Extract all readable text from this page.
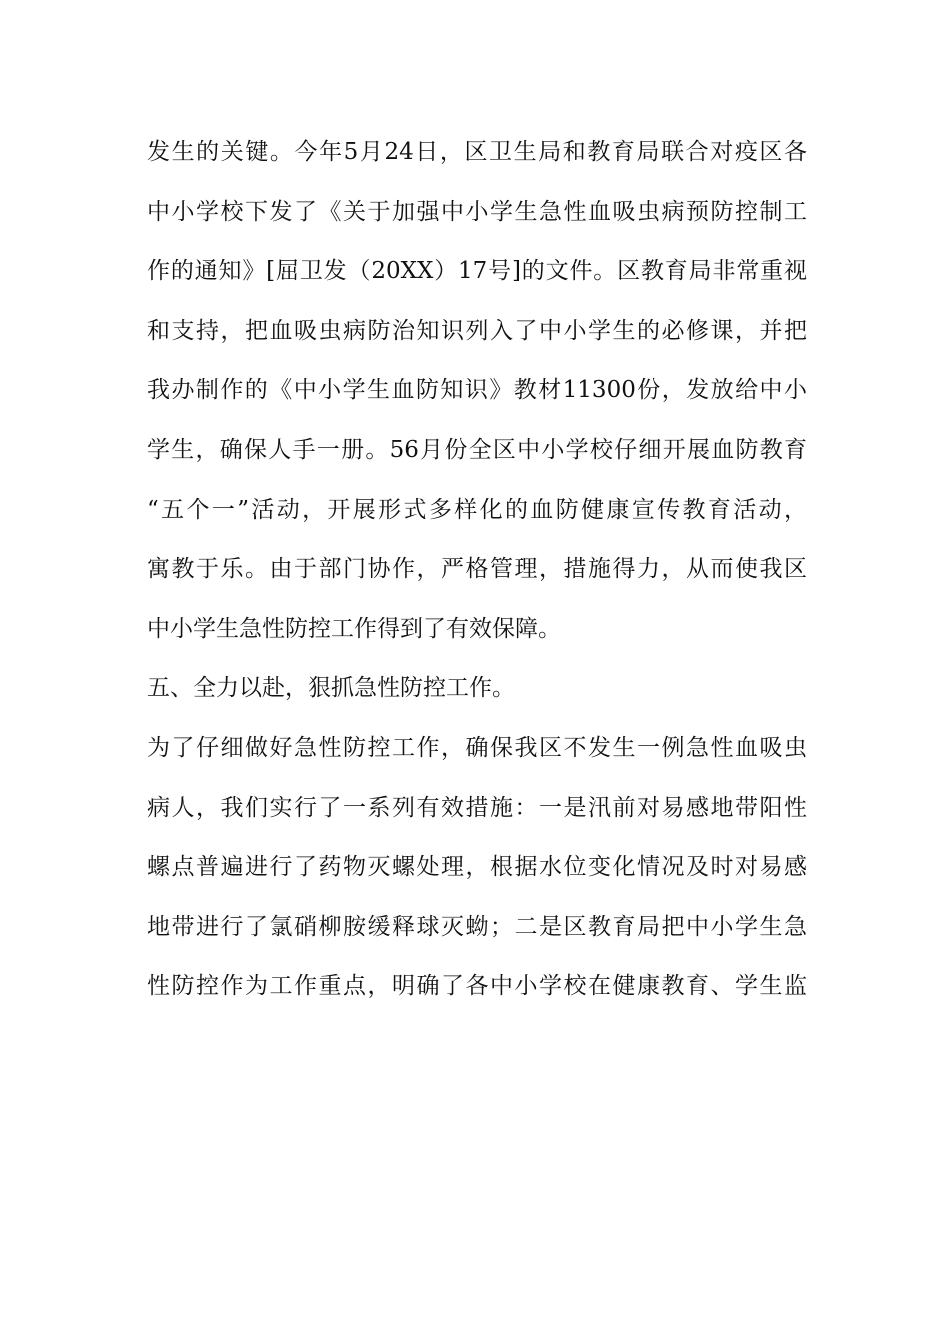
发生的关键。今年5月24日，区卫生局和教育局联合对疫区各
中小学校下发了《关于加强中小学生急性血吸虫病预防控制工
作的通知》[屈卫发（20XX）17号]的文件。区教育局非常重视
和支持，把血吸虫病防治知识列入了中小学生的必修课，并把
我办制作的《中小学生血防知识》教材11300份，发放给中小
学生，确保人手一册。56月份全区中小学校仔细开展血防教育
“五个一”活动，开展形式多样化的血防健康宣传教育活动，
寓教于乐。由于部门协作，严格管理，措施得力，从而使我区
中小学生急性防控工作得到了有效保障。
五、全力以赴，狠抓急性防控工作。
为了仔细做好急性防控工作，确保我区不发生一例急性血吸虫
病人，我们实行了一系列有效措施：一是汛前对易感地带阳性
螺点普遍进行了药物灭螺处理，根据水位变化情况及时对易感
地带进行了氯硝柳胺缓释球灭蚴；二是区教育局把中小学生急
性防控作为工作重点，明确了各中小学校在健康教育、学生监
